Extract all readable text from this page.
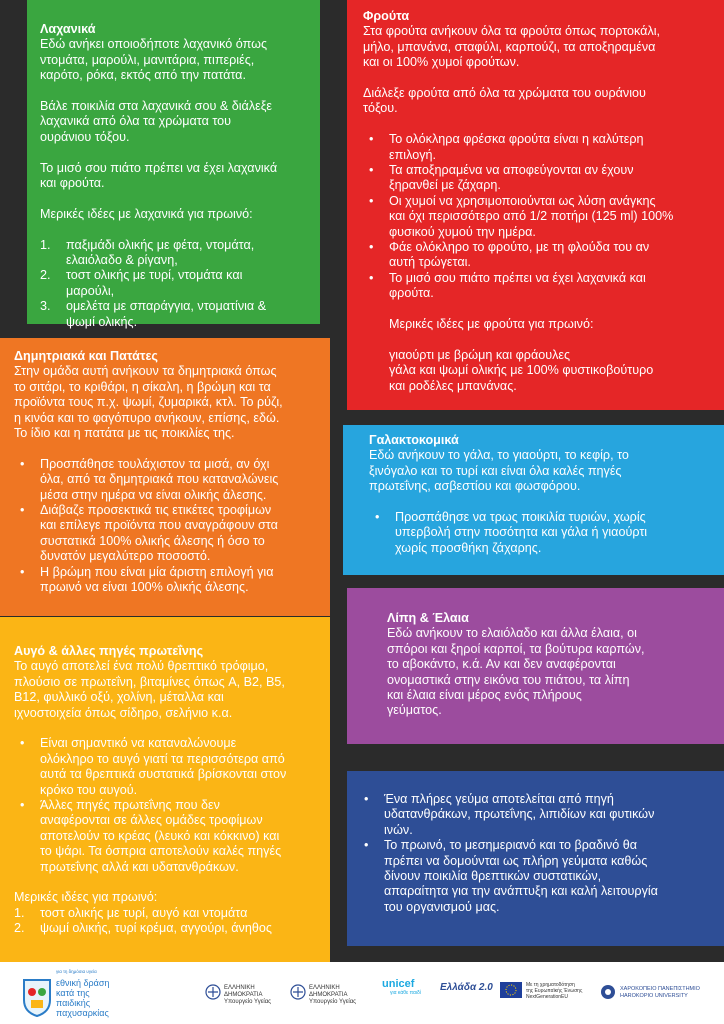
Λαχανικά

Εδώ ανήκει οποιοδήποτε λαχανικό όπως
ντομάτα, μαρούλι, μανιτάρια, πιπεριές,
καρότο, ρόκα, εκτός από την πατάτα.

Βάλε ποικιλία στα λαχανικά σου & διάλεξε
λαχανικά από όλα τα χρώματα του
ουράνιου τόξου.

Το μισό σου πιάτο πρέπει να έχει λαχανικά
και φρούτα.

Μερικές ιδέες με λαχανικά για πρωινό:

1. παξιμάδι ολικής με φέτα, ντομάτα,
ελαιόλαδο & ρίγανη,
2. τοστ ολικής με τυρί, ντομάτα και
μαρούλι,
3. ομελέτα με σπαράγγια, ντοματίνια &
ψωμί ολικής.
Φρούτα

Στα φρούτα ανήκουν όλα τα φρούτα όπως πορτοκάλι,
μήλο, μπανάνα, σταφύλι, καρπούζι, τα αποξηραμένα
και οι 100% χυμοί φρούτων.

Διάλεξε φρούτα από όλα τα χρώματα του ουράνιου
τόξου.

• Το ολόκληρα φρέσκα φρούτα είναι η καλύτερη
επιλογή.
• Τα αποξηραμένα να αποφεύγονται αν έχουν
ξηρανθεί με ζάχαρη.
• Οι χυμοί να χρησιμοποιούνται ως λύση ανάγκης
και όχι περισσότερο από 1/2 ποτήρι (125 ml) 100%
φυσικού χυμού την ημέρα.
• Φάε ολόκληρο το φρούτο, με τη φλούδα του αν
αυτή τρώγεται.
• Το μισό σου πιάτο πρέπει να έχει λαχανικά και
φρούτα.

Μερικές ιδέες με φρούτα για πρωινό:

γιαούρτι με βρώμη και φράουλες
γάλα και ψωμί ολικής με 100% φυστικοβούτυρο
και ροδέλες μπανάνας.

Δημητριακά και Πατάτες

Στην ομάδα αυτή ανήκουν τα δημητριακά όπως
το σιτάρι, το κριθάρι, η σίκαλη, η βρώμη και τα
προϊόντα τους π.χ. ψωμί, ζυμαρικά, κτλ. Το ρύζι,
η κινόα και το φαγόπυρο ανήκουν, επίσης, εδώ.
Το ίδιο και η πατάτα με τις ποικιλίες της.

• Προσπάθησε τουλάχιστον τα μισά, αν όχι
όλα, από τα δημητριακά που καταναλώνεις
μέσα στην ημέρα να είναι ολικής άλεσης.
• Διάβαζε προσεκτικά τις ετικέτες τροφίμων
και επίλεγε προϊόντα που αναγράφουν στα
συστατικά 100% ολικής άλεσης ή όσο το
δυνατόν μεγαλύτερο ποσοστό.
• Η βρώμη που είναι μία άριστη επιλογή για
πρωινό να είναι 100% ολικής άλεσης.
Γαλακτοκομικά

Εδώ ανήκουν το γάλα, το γιαούρτι, το κεφίρ, το
ξινόγαλο και το τυρί και είναι όλα καλές πηγές
πρωτεΐνης, ασβεστίου και φωσφόρου.

• Προσπάθησε να τρως ποικιλία τυριών, χωρίς
υπερβολή στην ποσότητα και γάλα ή γιαούρτι
χωρίς προσθήκη ζάχαρης.
Αυγό & άλλες πηγές πρωτεΐνης

Το αυγό αποτελεί ένα πολύ θρεπτικό τρόφιμο,
πλούσιο σε πρωτεΐνη, βιταμίνες όπως A, B2, B5,
B12, φυλλικό οξύ, χολίνη, μέταλλα και
ιχνοστοιχεία όπως σίδηρο, σελήνιο κ.α.

• Είναι σημαντικό να καταναλώνουμε
ολόκληρο το αυγό γιατί τα περισσότερα από
αυτά τα θρεπτικά συστατικά βρίσκονται στον
κρόκο του αυγού.
• Άλλες πηγές πρωτεΐνης που δεν
αναφέρονται σε άλλες ομάδες τροφίμων
αποτελούν το κρέας (λευκό και κόκκινο) και
το ψάρι. Τα όσπρια αποτελούν καλές πηγές
πρωτεΐνης αλλά και υδατανθράκων.

Μερικές ιδέες για πρωινό:

1. τοστ ολικής με τυρί, αυγό και ντομάτα
2. ψωμί ολικής, τυρί κρέμα, αγγούρι, άνηθος
Λίπη & Έλαια

Εδώ ανήκουν το ελαιόλαδο και άλλα έλαια, οι
σπόροι και ξηροί καρποί, τα βούτυρα καρπών,
το αβοκάντο, κ.ά. Αν και δεν αναφέρονται
ονομαστικά στην εικόνα του πιάτου, τα λίπη
και έλαια είναι μέρος ενός πλήρους
γεύματος.

• Ένα πλήρες γεύμα αποτελείται από πηγή
υδατανθράκων, πρωτεΐνης, λιπιδίων και φυτικών
ινών.
• Το πρωινό, το μεσημεριανό και το βραδινό θα
πρέπει να δομούνται ως πλήρη γεύματα καθώς
δίνουν ποικιλία θρεπτικών συστατικών,
απαραίτητα για την ανάπτυξη και καλή λειτουργία
του οργανισμού μας.
για τη δημόσια υγεία
εθνική δράση
κατά της
παιδικής
παχυσαρκίας
ΕΛΛΗΝΙΚΗ ΔΗΜΟΚΡΑΤΙΑ
Υπουργείο Υγείας
ΕΛΛΗΝΙΚΗ ΔΗΜΟΚΡΑΤΙΑ
Υπουργείο Υγείας
unicef
για κάθε παιδί	Ελλάδα 2.0	Με τη χρηματοδότηση
της Ευρωπαϊκής Ένωσης
NextGenerationEU
ΧΑΡΟΚΟΠΕΙΟ ΠΑΝΕΠΙΣΤΗΜΙΟ
HAROKOPIO UNIVERSITY
